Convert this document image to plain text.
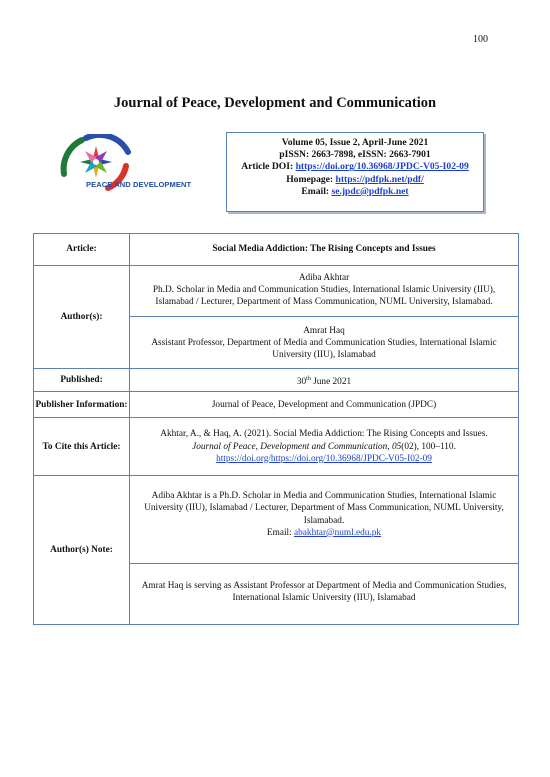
100
Journal of Peace, Development and Communication
PEACE AND DEVELOPMENT
Volume 05, Issue 2, April-June 2021
pISSN: 2663-7898, eISSN: 2663-7901
Article DOI: https://doi.org/10.36968/JPDC-V05-I02-09
Homepage: https://pdfpk.net/pdf/
Email: se.jpdc@pdfpk.net
Article:	Social Media Addiction: The Rising Concepts and Issues
Author(s):	Adiba Akhtar
Ph.D. Scholar in Media and Communication Studies, International Islamic University (IIU), Islamabad / Lecturer, Department of Mass Communication, NUML University, Islamabad.
Amrat Haq
Assistant Professor, Department of Media and Communication Studies, International Islamic University (IIU), Islamabad

Published:	30th June 2021
Publisher Information:	Journal of Peace, Development and Communication (JPDC)
To Cite this Article:	Akhtar, A., & Haq, A. (2021). Social Media Addiction: The Rising Concepts and Issues.
Journal of Peace, Development and Communication, 05(02), 100–110.
https://doi.org/https://doi.org/10.36968/JPDC-V05-I02-09
Author(s) Note:	Adiba Akhtar is a Ph.D. Scholar in Media and Communication Studies, International Islamic University (IIU), Islamabad / Lecturer, Department of Mass Communication, NUML University, Islamabad.
Email: abakhtar@numl.edu.pk
Amrat Haq is serving as Assistant Professor at Department of Media and Communication Studies, International Islamic University (IIU), Islamabad
